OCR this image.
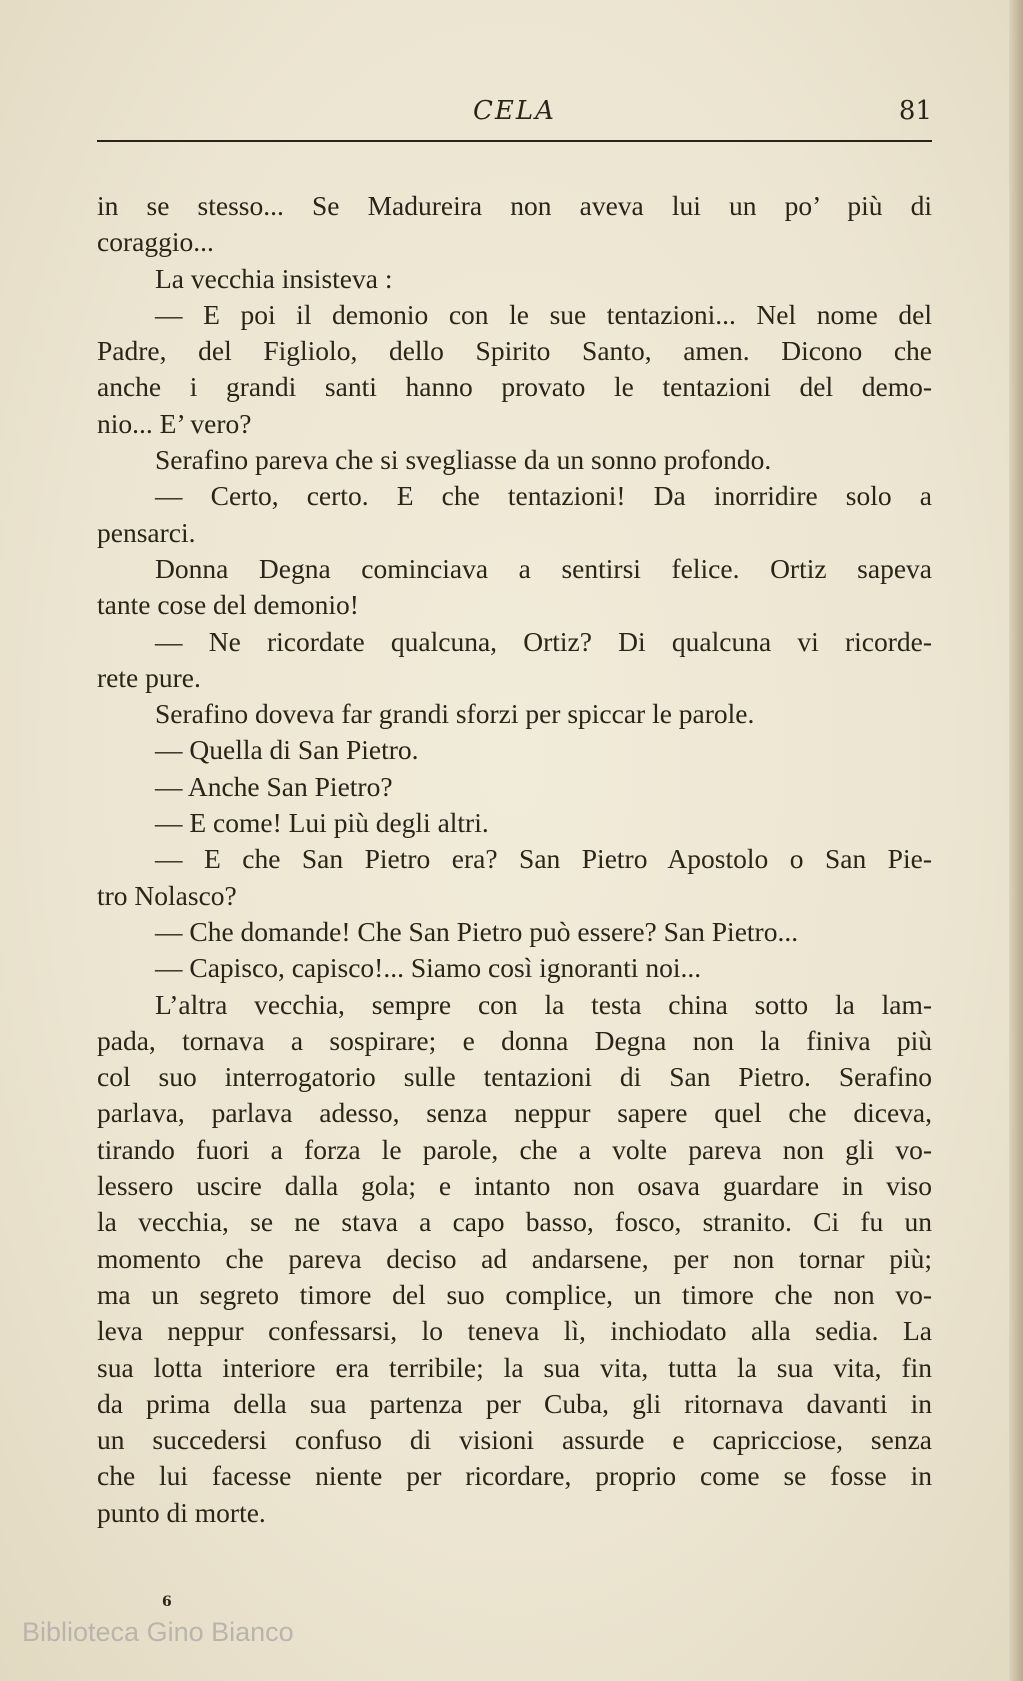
CELA	81
in se stesso... Se Madureira non aveva lui un po’ più di
coraggio...
La vecchia insisteva :
— E poi il demonio con le sue tentazioni... Nel nome del
Padre, del Figliolo, dello Spirito Santo, amen. Dicono che
anche i grandi santi hanno provato le tentazioni del demo-
nio... E’ vero?
Serafino pareva che si svegliasse da un sonno profondo.
— Certo, certo. E che tentazioni! Da inorridire solo a
pensarci.
Donna Degna cominciava a sentirsi felice. Ortiz sapeva
tante cose del demonio!
— Ne ricordate qualcuna, Ortiz? Di qualcuna vi ricorde-
rete pure.
Serafino doveva far grandi sforzi per spiccar le parole.
— Quella di San Pietro.
— Anche San Pietro?
— E come! Lui più degli altri.
— E che San Pietro era? San Pietro Apostolo o San Pie-
tro Nolasco?
— Che domande! Che San Pietro può essere? San Pietro...
— Capisco, capisco!... Siamo così ignoranti noi...
L’altra vecchia, sempre con la testa china sotto la lam-
pada, tornava a sospirare; e donna Degna non la finiva più
col suo interrogatorio sulle tentazioni di San Pietro. Serafino
parlava, parlava adesso, senza neppur sapere quel che diceva,
tirando fuori a forza le parole, che a volte pareva non gli vo-
lessero uscire dalla gola; e intanto non osava guardare in viso
la vecchia, se ne stava a capo basso, fosco, stranito. Ci fu un
momento che pareva deciso ad andarsene, per non tornar più;
ma un segreto timore del suo complice, un timore che non vo-
leva neppur confessarsi, lo teneva lì, inchiodato alla sedia. La
sua lotta interiore era terribile; la sua vita, tutta la sua vita, fin
da prima della sua partenza per Cuba, gli ritornava davanti in
un succedersi confuso di visioni assurde e capricciose, senza
che lui facesse niente per ricordare, proprio come se fosse in
punto di morte.
6
Biblioteca Gino Bianco
